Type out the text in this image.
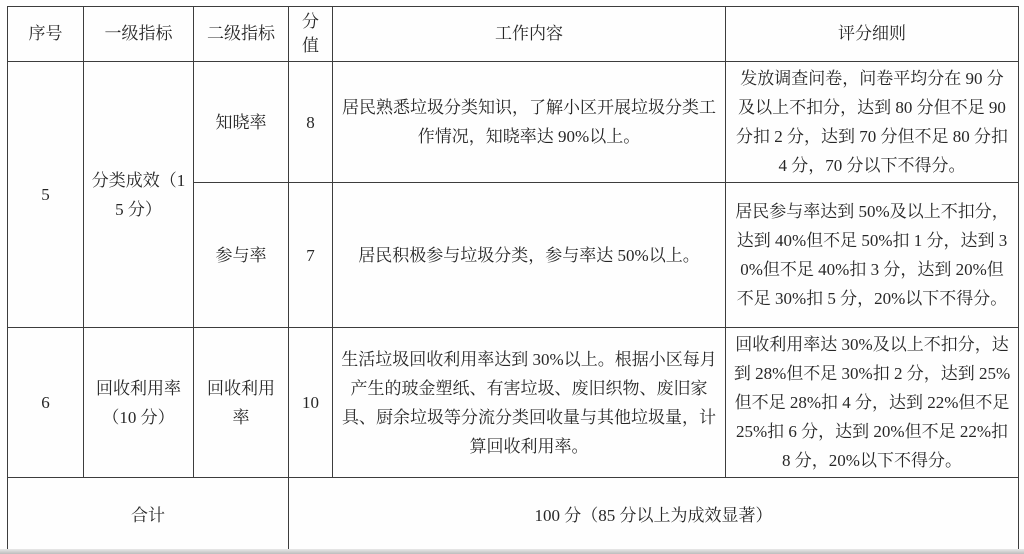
序号	一级指标	二级指标	分值	工作内容	评分细则
5	分类成效（15 分）	知晓率	8	居民熟悉垃圾分类知识，了解小区开展垃圾分类工作情况，知晓率达 90%以上。	发放调查问卷，问卷平均分在 90 分及以上不扣分，达到 80 分但不足 90 分扣 2 分，达到 70 分但不足 80 分扣 4 分，70 分以下不得分。
		参与率	7	居民积极参与垃圾分类，参与率达 50%以上。	居民参与率达到 50%及以上不扣分，达到 40%但不足 50%扣 1 分，达到 30%但不足 40%扣 3 分，达到 20%但不足 30%扣 5 分，20%以下不得分。
6	回收利用率（10 分）	回收利用率	10	生活垃圾回收利用率达到 30%以上。根据小区每月产生的玻金塑纸、有害垃圾、废旧织物、废旧家具、厨余垃圾等分流分类回收量与其他垃圾量，计算回收利用率。	回收利用率达 30%及以上不扣分，达到 28%但不足 30%扣 2 分，达到 25%但不足 28%扣 4 分，达到 22%但不足 25%扣 6 分，达到 20%但不足 22%扣 8 分，20%以下不得分。
合计			100 分（85 分以上为成效显著）		
